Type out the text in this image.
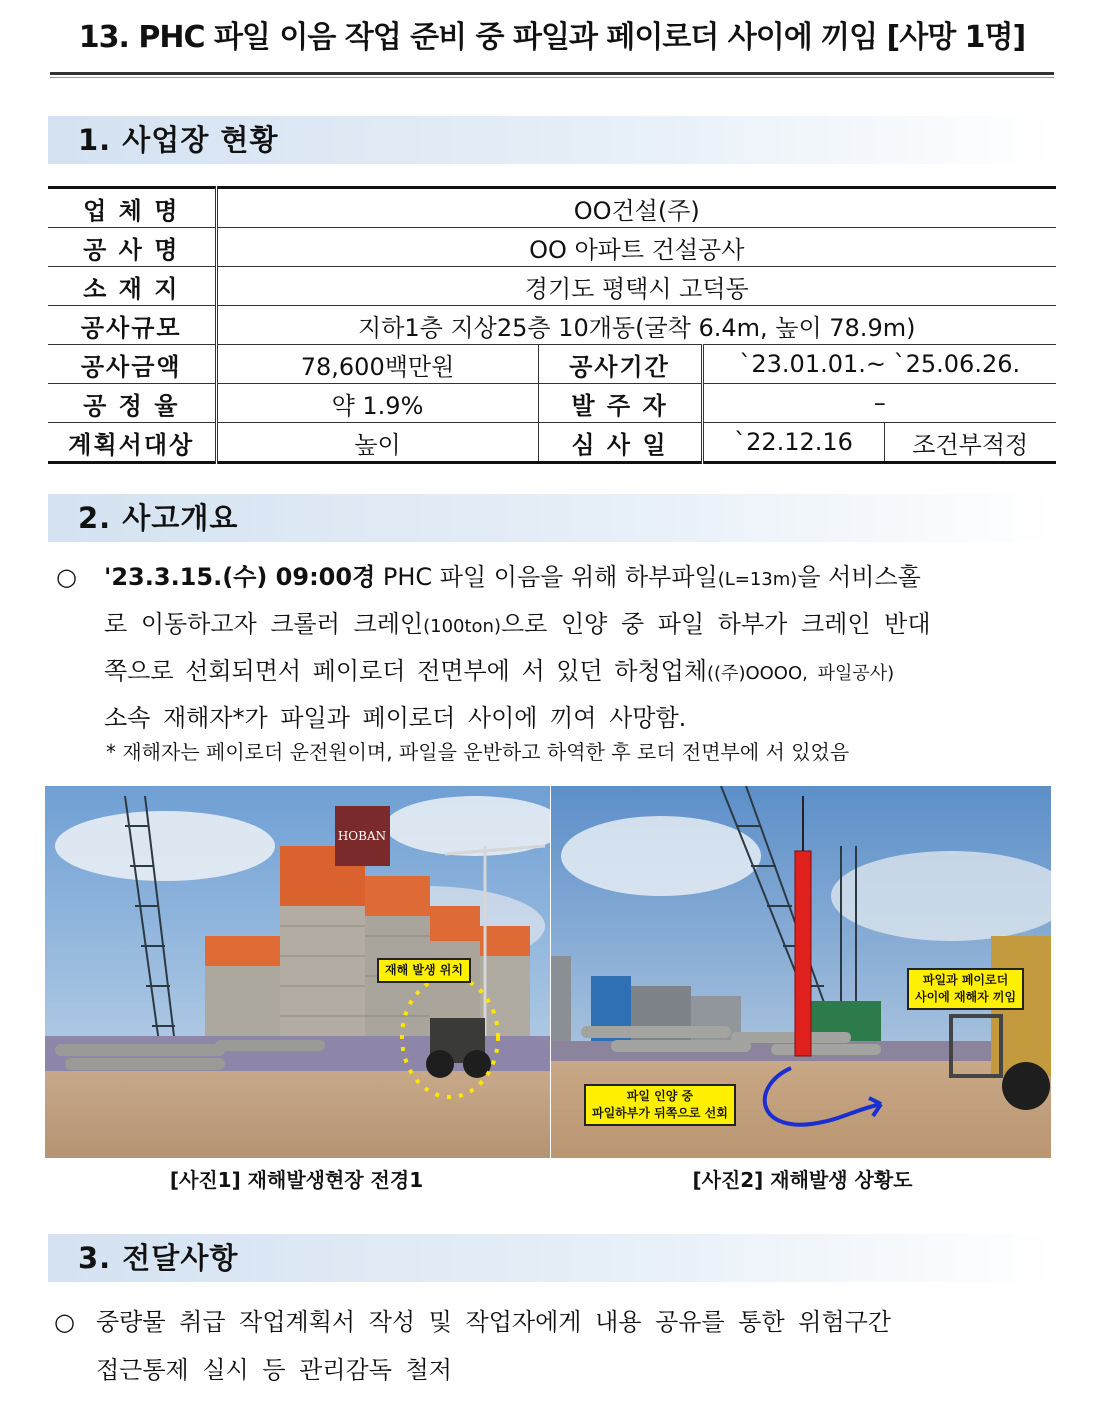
13. PHC 파일 이음 작업 준비 중 파일과 페이로더 사이에 끼임 [사망 1명]
1. 사업장 현황
업 체 명	OO건설(주)			
공 사 명	OO 아파트 건설공사			
소 재 지	경기도 평택시 고덕동			
공사규모	지하1층 지상25층 10개동(굴착 6.4m, 높이 78.9m)			
공사금액	78,600백만원	공사기간	`23.01.01.~ `25.06.26.	
공 정 율	약 1.9%	발 주 자	–	
계획서대상	높이	심 사 일	`22.12.16	조건부적정
2. 사고개요
○ '23.3.15.(수) 09:00경 PHC 파일 이음을 위해 하부파일(L=13m)을 서비스홀
로 이동하고자 크롤러 크레인(100ton)으로 인양 중 파일 하부가 크레인 반대
쪽으로 선회되면서 페이로더 전면부에 서 있던 하청업체((주)OOOO, 파일공사)
소속 재해자*가 파일과 페이로더 사이에 끼여 사망함.
* 재해자는 페이로더 운전원이며, 파일을 운반하고 하역한 후 로더 전면부에 서 있었음
HOBAN
재해 발생 위치
파일과 페이로더
사이에 재해자 끼임
파일 인양 중
파일하부가 뒤쪽으로 선회
[사진1] 재해발생현장 전경1	[사진2] 재해발생 상황도
3. 전달사항
○ 중량물 취급 작업계획서 작성 및 작업자에게 내용 공유를 통한 위험구간
접근통제 실시 등 관리감독 철저
